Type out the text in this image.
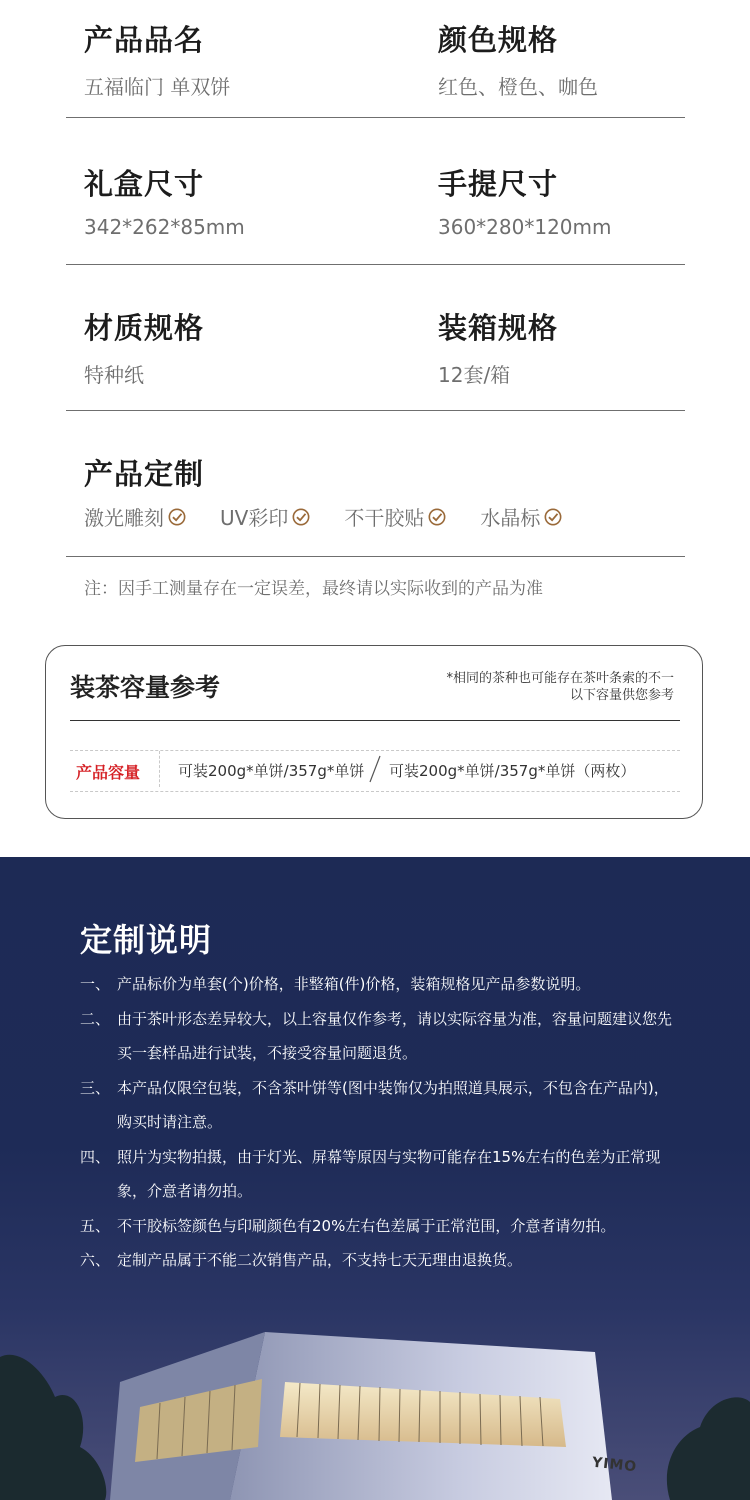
产品品名
五福临门 单双饼
颜色规格
红色、橙色、咖色
礼盒尺寸
342*262*85mm
手提尺寸
360*280*120mm
材质规格
特种纸
装箱规格
12套/箱
产品定制
激光雕刻	UV彩印	不干胶贴	水晶标
注：因手工测量存在一定误差，最终请以实际收到的产品为准
装茶容量参考	*相同的茶种也可能存在茶叶条索的不一
以下容量供您参考
产品容量	可装200g*单饼/357g*单饼 可装200g*单饼/357g*单饼（两枚）
YIMO
定制说明
一、 产品标价为单套(个)价格，非整箱(件)价格，装箱规格见产品参数说明。
二、 由于茶叶形态差异较大，以上容量仅作参考，请以实际容量为准，容量问题建议您先买一套样品进行试装，不接受容量问题退货。
三、 本产品仅限空包装，不含茶叶饼等(图中装饰仅为拍照道具展示，不包含在产品内)，购买时请注意。
四、 照片为实物拍摄，由于灯光、屏幕等原因与实物可能存在15%左右的色差为正常现象，介意者请勿拍。
五、 不干胶标签颜色与印刷颜色有20%左右色差属于正常范围，介意者请勿拍。
六、 定制产品属于不能二次销售产品，不支持七天无理由退换货。
